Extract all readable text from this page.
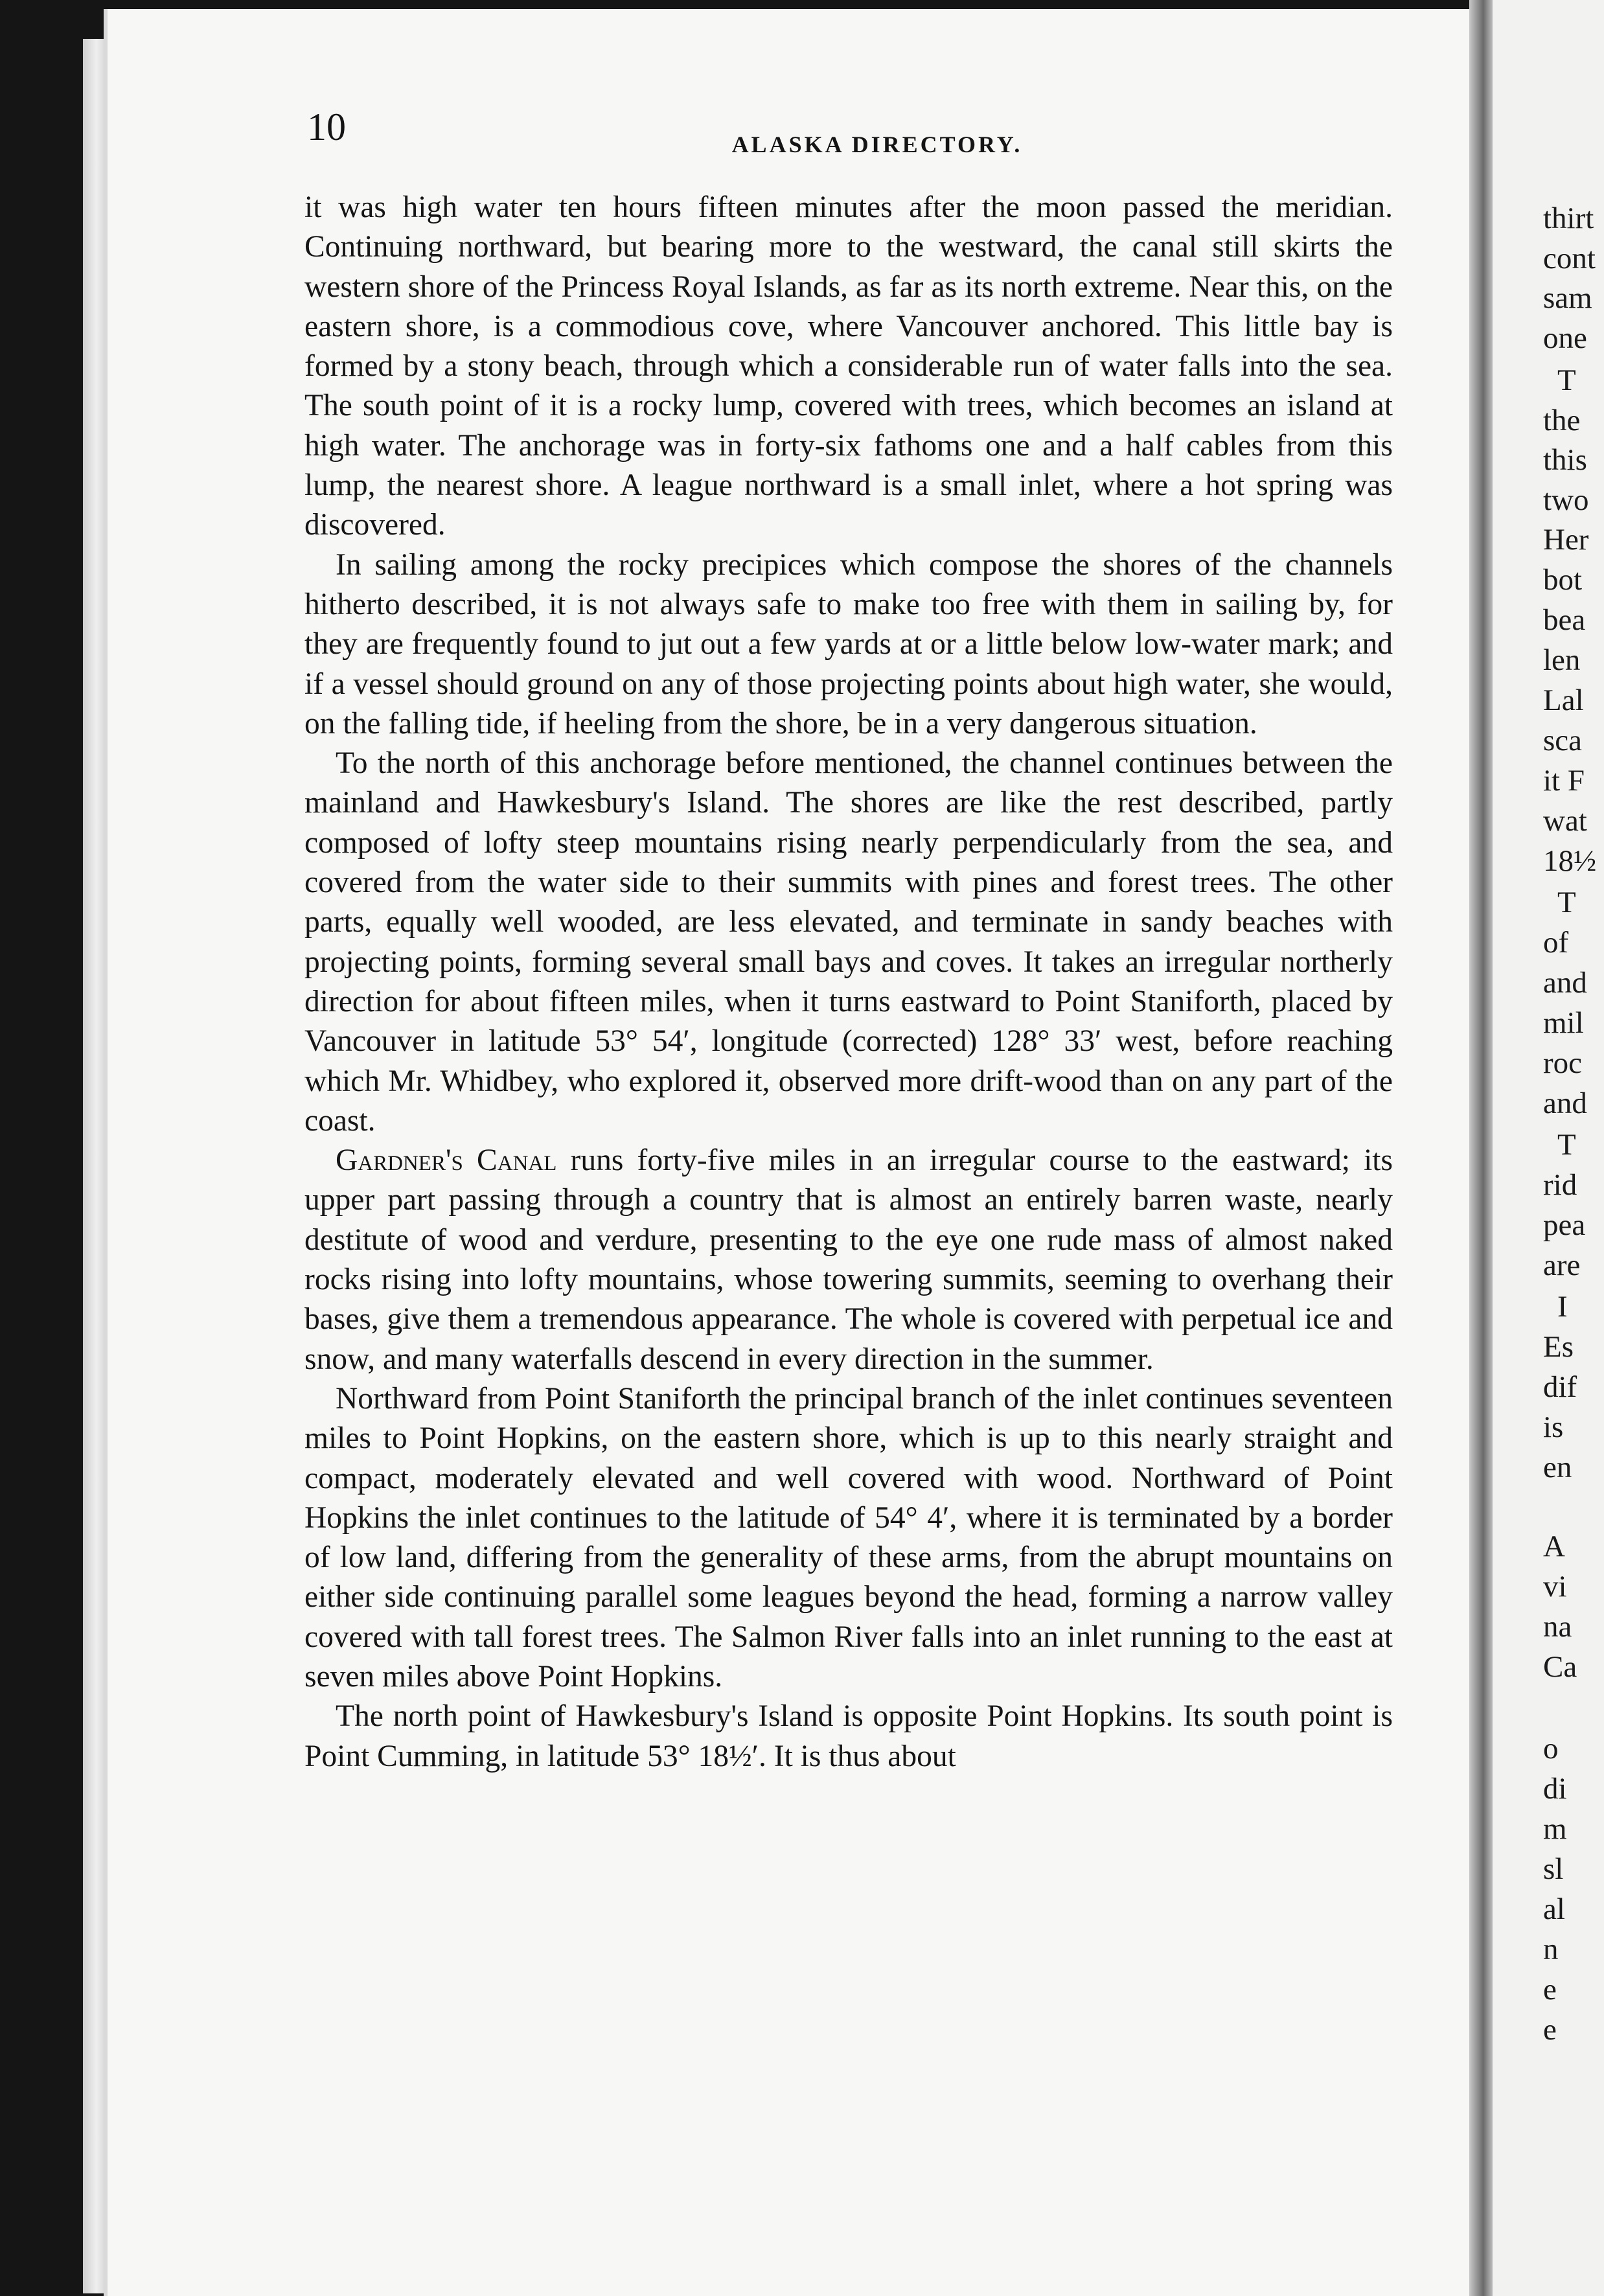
10	ALASKA DIRECTORY.

it was high water ten hours fifteen minutes after the moon passed the meridian. Continuing northward, but bearing more to the westward, the canal still skirts the western shore of the Princess Royal Islands, as far as its north extreme. Near this, on the eastern shore, is a commodious cove, where Vancouver anchored. This little bay is formed by a stony beach, through which a considerable run of water falls into the sea. The south point of it is a rocky lump, covered with trees, which becomes an island at high water. The anchorage was in forty-six fathoms one and a half cables from this lump, the nearest shore. A league northward is a small inlet, where a hot spring was discovered.

In sailing among the rocky precipices which compose the shores of the channels hitherto described, it is not always safe to make too free with them in sailing by, for they are frequently found to jut out a few yards at or a little below low-water mark; and if a vessel should ground on any of those projecting points about high water, she would, on the falling tide, if heeling from the shore, be in a very dangerous situation.

To the north of this anchorage before mentioned, the channel continues between the mainland and Hawkesbury's Island. The shores are like the rest described, partly composed of lofty steep mountains rising nearly perpendicularly from the sea, and covered from the water side to their summits with pines and forest trees. The other parts, equally well wooded, are less elevated, and terminate in sandy beaches with projecting points, forming several small bays and coves. It takes an irregular northerly direction for about fifteen miles, when it turns eastward to Point Staniforth, placed by Vancouver in latitude 53° 54′, longitude (corrected) 128° 33′ west, before reaching which Mr. Whidbey, who explored it, observed more drift-wood than on any part of the coast.

Gardner's Canal runs forty-five miles in an irregular course to the eastward; its upper part passing through a country that is almost an entirely barren waste, nearly destitute of wood and verdure, presenting to the eye one rude mass of almost naked rocks rising into lofty mountains, whose towering summits, seeming to overhang their bases, give them a tremendous appearance. The whole is covered with perpetual ice and snow, and many waterfalls descend in every direction in the summer.

Northward from Point Staniforth the principal branch of the inlet continues seventeen miles to Point Hopkins, on the eastern shore, which is up to this nearly straight and compact, moderately elevated and well covered with wood. Northward of Point Hopkins the inlet continues to the latitude of 54° 4′, where it is terminated by a border of low land, differing from the generality of these arms, from the abrupt mountains on either side continuing parallel some leagues beyond the head, forming a narrow valley covered with tall forest trees. The Salmon River falls into an inlet running to the east at seven miles above Point Hopkins.

The north point of Hawkesbury's Island is opposite Point Hopkins. Its south point is Point Cumming, in latitude 53° 18½′. It is thus about

thirt
cont
sam
one
T
the
this
two
Her
bot
bea
len
Lal
sca
it F
wat
18½
T
of
and
mil
roc
and
T
rid
pea
are
I
Es
dif
is
en
A
vi
na
Ca
o
di
m
sl
al
n
e
e
